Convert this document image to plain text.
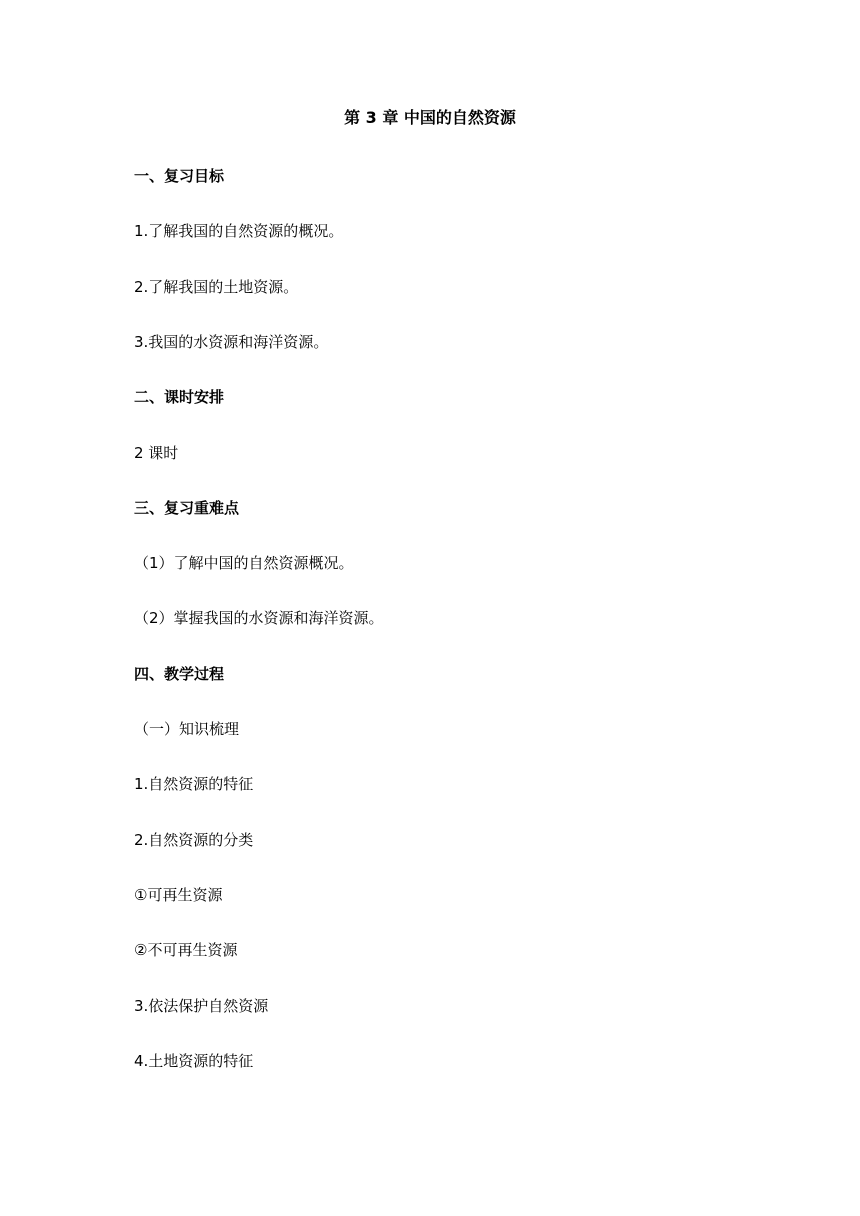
第 3 章 中国的自然资源
一、复习目标
1.了解我国的自然资源的概况。
2.了解我国的土地资源。
3.我国的水资源和海洋资源。
二、课时安排
2 课时
三、复习重难点
（1）了解中国的自然资源概况。
（2）掌握我国的水资源和海洋资源。
四、教学过程
（一）知识梳理
1.自然资源的特征
2.自然资源的分类
①可再生资源
②不可再生资源
3.依法保护自然资源
4.土地资源的特征
